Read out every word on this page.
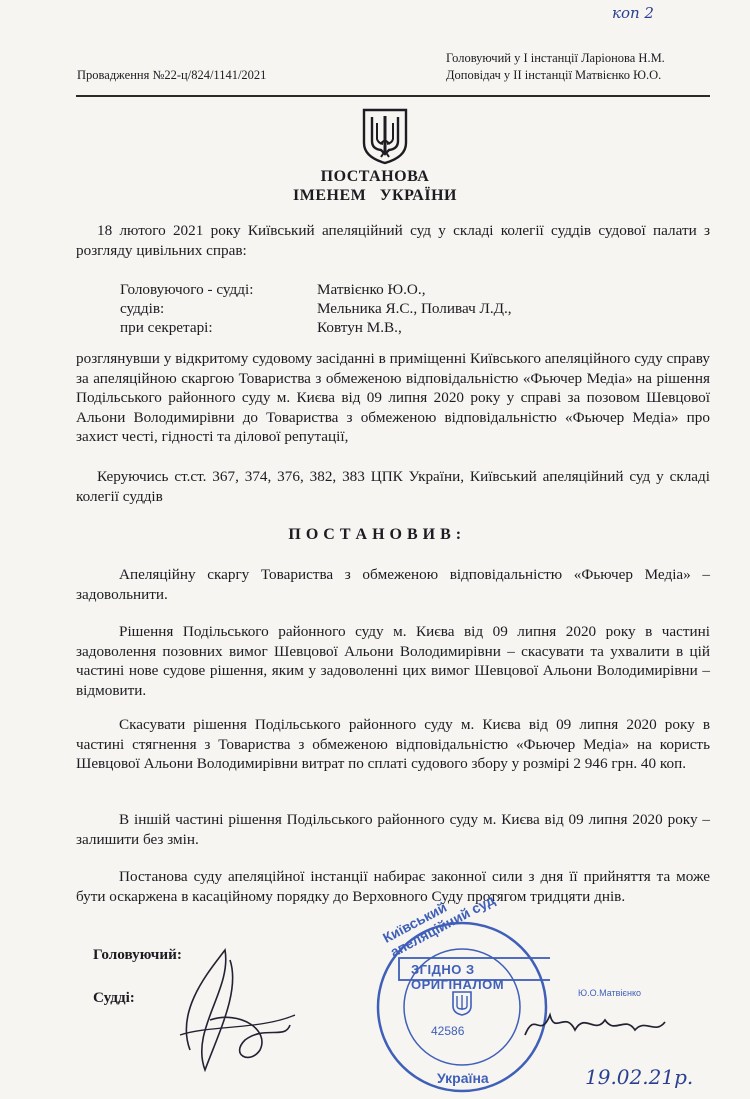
коп 2
Провадження №22-ц/824/1141/2021
Головуючий у І інстанції Ларіонова Н.М.
Доповідач у ІІ інстанції Матвієнко Ю.О.
ПОСТАНОВА
ІМЕНЕМ   УКРАЇНИ
18 лютого 2021 року Київський апеляційний суд у складі колегії суддів судової палати з розгляду цивільних справ:
Головуючого - судді:	Матвієнко Ю.О.,
суддів:	Мельника Я.С., Поливач Л.Д.,
при секретарі:	Ковтун М.В.,
розглянувши у відкритому судовому засіданні в приміщенні Київського апеляційного суду справу за апеляційною скаргою Товариства з обмеженою відповідальністю «Фьючер Медіа» на рішення Подільського районного суду м. Києва від 09 липня 2020 року у справі за позовом Шевцової Альони Володимирівни до Товариства з обмеженою відповідальністю «Фьючер Медіа» про захист честі, гідності та ділової репутації,
Керуючись ст.ст. 367, 374, 376, 382, 383 ЦПК України, Київський апеляційний суд у складі колегії суддів
П О С Т А Н О В И В :
Апеляційну скаргу Товариства з обмеженою відповідальністю «Фьючер Медіа» – задовольнити.
Рішення Подільського районного суду м. Києва від 09 липня 2020 року в частині задоволення позовних вимог Шевцової Альони Володимирівни – скасувати та ухвалити в цій частині нове судове рішення, яким у задоволенні цих вимог Шевцової Альони Володимирівни – відмовити.
Скасувати рішення Подільського районного суду м. Києва від 09 липня 2020 року в частині стягнення з Товариства з обмеженою відповідальністю «Фьючер Медіа» на користь Шевцової Альони Володимирівни витрат по сплаті судового збору у розмірі 2 946 грн. 40 коп.
В іншій частині рішення Подільського районного суду м. Києва від 09 липня 2020 року – залишити без змін.
Постанова суду апеляційної інстанції набирає законної сили з дня її прийняття та може бути оскаржена в касаційному порядку до Верховного Суду протягом тридцяти днів.
Головуючий:
Судді:
Київський апеляційний суд
ЗГІДНО З ОРИГІНАЛОМ
42586
Україна
Ю.О.Матвієнко
19.02.21р.
